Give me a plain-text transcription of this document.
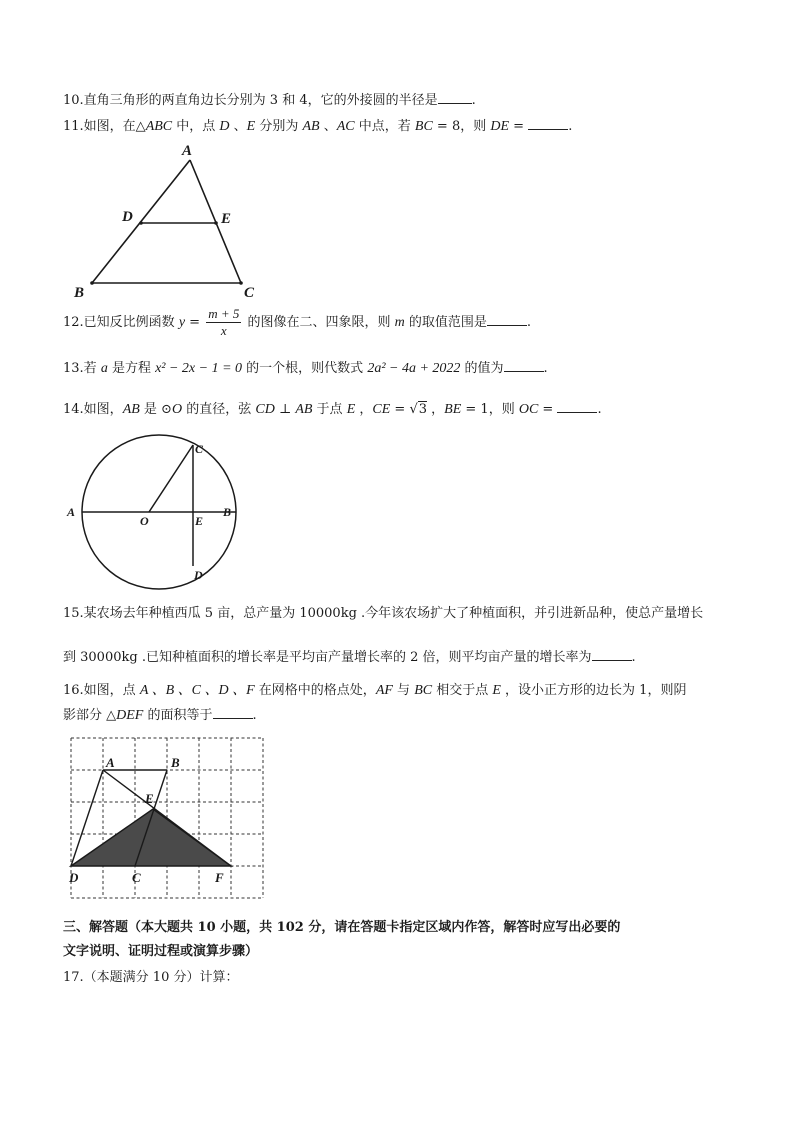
10.直角三角形的两直角边长分别为 3 和 4，它的外接圆的半径是	.
11.如图，在△ABC 中，点 D 、E 分别为 AB 、AC 中点，若 BC = 8，则 DE =	.
A
D	E
B	C
12.已知反比例函数 $y = \frac{m + 5}{x}$ 的图像在二、四象限，则 m 的取值范围是	.
13.若 a 是方程 x² − 2x − 1 = 0 的一个根，则代数式 2a² − 4a + 2022 的值为	.
14.如图，AB 是 ⊙O 的直径，弦 CD ⊥ AB 于点 E ，CE = √3 ，BE = 1，则 OC =	.
A
O	E
B
C
D
15.某农场去年种植西瓜 5 亩，总产量为 10000kg .今年该农场扩大了种植面积，并引进新品种，使总产量增长
到 30000kg .已知种植面积的增长率是平均亩产量增长率的 2 倍，则平均亩产量的增长率为	.
16.如图，点 A 、B 、C 、D 、F 在网格中的格点处，AF 与 BC 相交于点 E ，设小正方形的边长为 1，则阴
影部分 △DEF 的面积等于	.
A	B
E
D	C	F
三、解答题（本大题共 10 小题，共 102 分，请在答题卡指定区域内作答，解答时应写出必要的
文字说明、证明过程或演算步骤）
17.（本题满分 10 分）计算：
